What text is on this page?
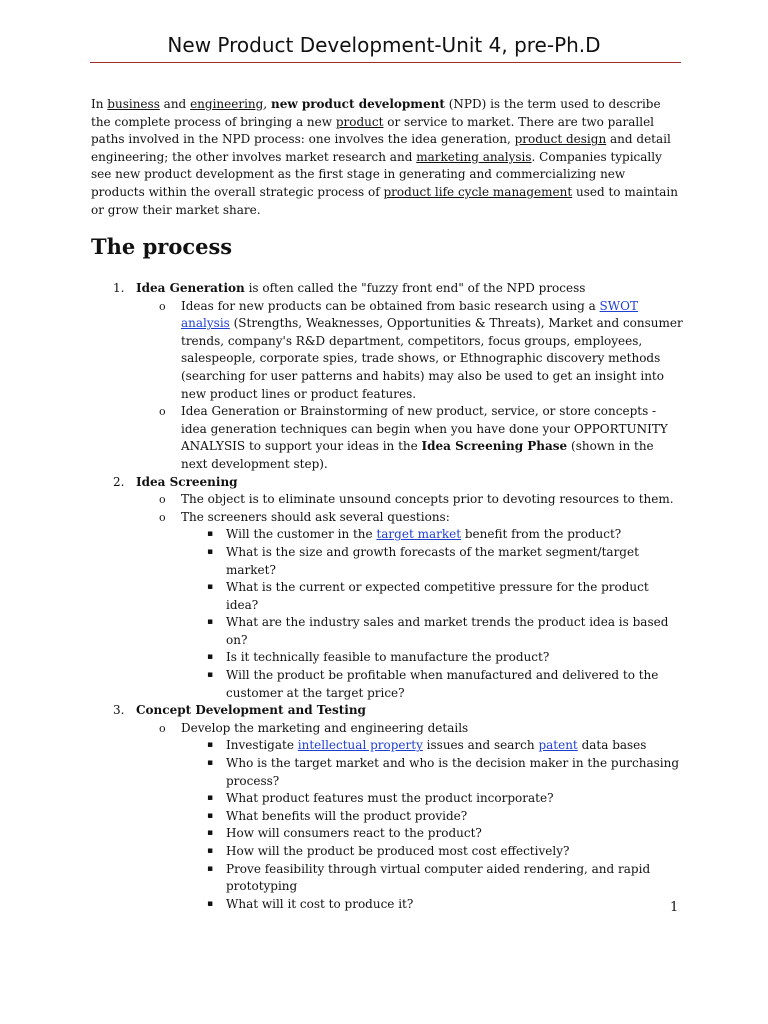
New Product Development-Unit 4, pre-Ph.D

In business and engineering, new product development (NPD) is the term used to describe the complete process of bringing a new product or service to market. There are two parallel paths involved in the NPD process: one involves the idea generation, product design and detail engineering; the other involves market research and marketing analysis. Companies typically see new product development as the first stage in generating and commercializing new products within the overall strategic process of product life cycle management used to maintain or grow their market share.

The process
1. Idea Generation is often called the "fuzzy front end" of the NPD process
o Ideas for new products can be obtained from basic research using a SWOT analysis (Strengths, Weaknesses, Opportunities & Threats), Market and consumer trends, company's R&D department, competitors, focus groups, employees, salespeople, corporate spies, trade shows, or Ethnographic discovery methods (searching for user patterns and habits) may also be used to get an insight into new product lines or product features.
o Idea Generation or Brainstorming of new product, service, or store concepts - idea generation techniques can begin when you have done your OPPORTUNITY ANALYSIS to support your ideas in the Idea Screening Phase (shown in the next development step).
2. Idea Screening
o The object is to eliminate unsound concepts prior to devoting resources to them.
o The screeners should ask several questions:
▪ Will the customer in the target market benefit from the product?
▪ What is the size and growth forecasts of the market segment/target market?
▪ What is the current or expected competitive pressure for the product idea?
▪ What are the industry sales and market trends the product idea is based on?
▪ Is it technically feasible to manufacture the product?
▪ Will the product be profitable when manufactured and delivered to the customer at the target price?
3. Concept Development and Testing
o Develop the marketing and engineering details
▪ Investigate intellectual property issues and search patent data bases
▪ Who is the target market and who is the decision maker in the purchasing process?
▪ What product features must the product incorporate?
▪ What benefits will the product provide?
▪ How will consumers react to the product?
▪ How will the product be produced most cost effectively?
▪ Prove feasibility through virtual computer aided rendering, and rapid prototyping
▪ What will it cost to produce it?	1
